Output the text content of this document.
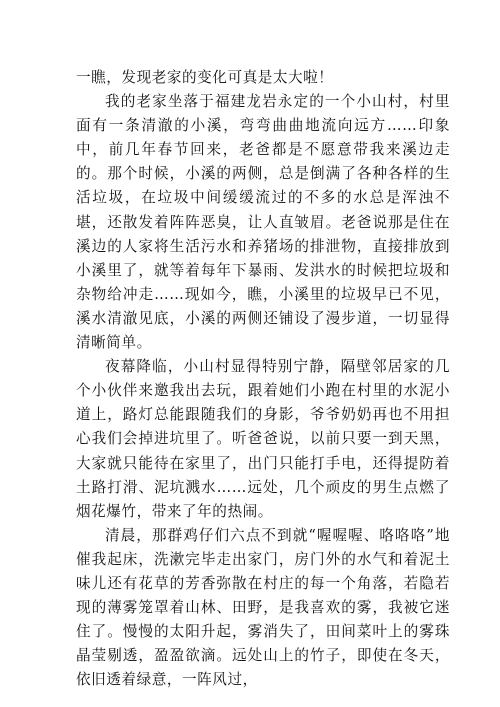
一瞧，发现老家的变化可真是太大啦！

我的老家坐落于福建龙岩永定的一个小山村，村里面有一条清澈的小溪，弯弯曲曲地流向远方……印象中，前几年春节回来，老爸都是不愿意带我来溪边走的。那个时候，小溪的两侧，总是倒满了各种各样的生活垃圾，在垃圾中间缓缓流过的不多的水总是浑浊不堪，还散发着阵阵恶臭，让人直皱眉。老爸说那是住在溪边的人家将生活污水和养猪场的排泄物，直接排放到小溪里了，就等着每年下暴雨、发洪水的时候把垃圾和杂物给冲走……现如今，瞧，小溪里的垃圾早已不见，溪水清澈见底，小溪的两侧还铺设了漫步道，一切显得清晰简单。

夜幕降临，小山村显得特别宁静，隔壁邻居家的几个小伙伴来邀我出去玩，跟着她们小跑在村里的水泥小道上，路灯总能跟随我们的身影，爷爷奶奶再也不用担心我们会掉进坑里了。听爸爸说，以前只要一到天黑，大家就只能待在家里了，出门只能打手电，还得提防着土路打滑、泥坑溅水……远处，几个顽皮的男生点燃了烟花爆竹，带来了年的热闹。

清晨，那群鸡仔们六点不到就“喔喔喔、咯咯咯”地催我起床，洗漱完毕走出家门，房门外的水气和着泥土味儿还有花草的芳香弥散在村庄的每一个角落，若隐若现的薄雾笼罩着山林、田野，是我喜欢的雾，我被它迷住了。慢慢的太阳升起，雾消失了，田间菜叶上的雾珠晶莹剔透，盈盈欲滴。远处山上的竹子，即使在冬天，依旧透着绿意，一阵风过，
